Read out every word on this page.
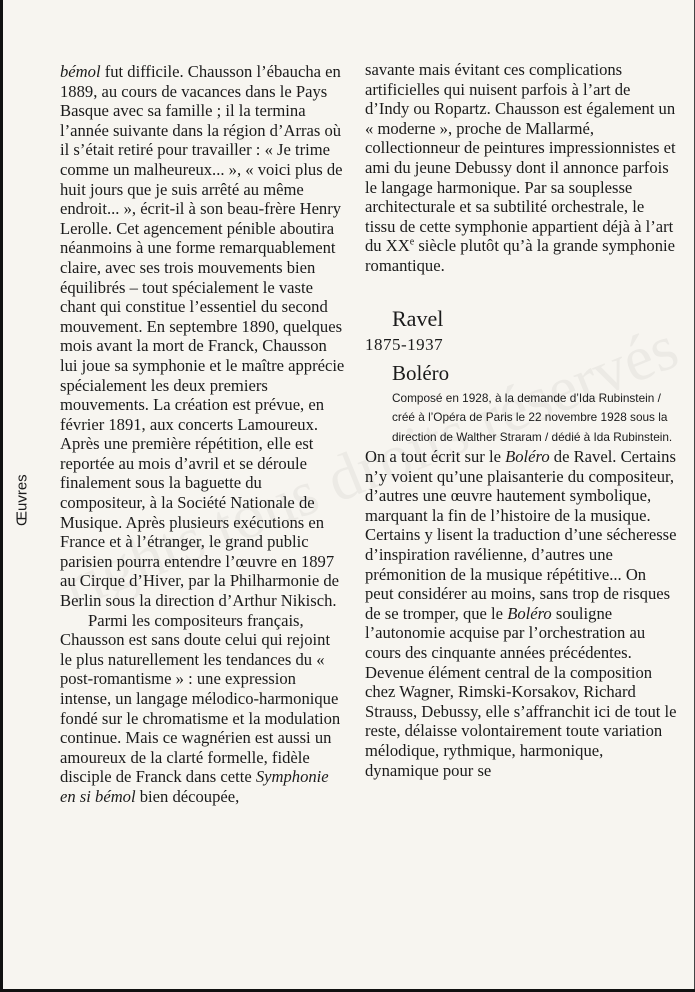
Œuvres

bémol fut difficile. Chausson l’ébaucha en 1889, au cours de vacances dans le Pays Basque avec sa famille ; il la termina l’année suivante dans la région d’Arras où il s’était retiré pour travailler : « Je trime comme un malheureux... », « voici plus de huit jours que je suis arrêté au même endroit... », écrit-il à son beau-frère Henry Lerolle. Cet agencement pénible aboutira néanmoins à une forme remarquablement claire, avec ses trois mouvements bien équilibrés – tout spécialement le vaste chant qui constitue l’essentiel du second mouvement. En septembre 1890, quelques mois avant la mort de Franck, Chausson lui joue sa symphonie et le maître apprécie spécialement les deux premiers mouvements. La création est prévue, en février 1891, aux concerts Lamoureux. Après une première répétition, elle est reportée au mois d’avril et se déroule finalement sous la baguette du compositeur, à la Société Nationale de Musique. Après plusieurs exécutions en France et à l’étranger, le grand public parisien pourra entendre l’œuvre en 1897 au Cirque d’Hiver, par la Philharmonie de Berlin sous la direction d’Arthur Nikisch.

Parmi les compositeurs français, Chausson est sans doute celui qui rejoint le plus naturellement les tendances du « post-romantisme » : une expression intense, un langage mélodico-harmonique fondé sur le chromatisme et la modulation continue. Mais ce wagnérien est aussi un amoureux de la clarté formelle, fidèle disciple de Franck dans cette Symphonie en si bémol bien découpée,

savante mais évitant ces complications artificielles qui nuisent parfois à l’art de d’Indy ou Ropartz. Chausson est également un « moderne », proche de Mallarmé, collectionneur de peintures impressionnistes et ami du jeune Debussy dont il annonce parfois le langage harmonique. Par sa souplesse architecturale et sa subtilité orchestrale, le tissu de cette symphonie appartient déjà à l’art du XXe siècle plutôt qu’à la grande symphonie romantique.

Ravel
1875-1937
Boléro
Composé en 1928, à la demande d’Ida Rubinstein / créé à l’Opéra de Paris le 22 novembre 1928 sous la direction de Walther Straram / dédié à Ida Rubinstein.

On a tout écrit sur le Boléro de Ravel. Certains n’y voient qu’une plaisanterie du compositeur, d’autres une œuvre hautement symbolique, marquant la fin de l’histoire de la musique. Certains y lisent la traduction d’une sécheresse d’inspiration ravélienne, d’autres une prémonition de la musique répétitive... On peut considérer au moins, sans trop de risques de se tromper, que le Boléro souligne l’autonomie acquise par l’orchestration au cours des cinquante années précédentes. Devenue élément central de la composition chez Wagner, Rimski-Korsakov, Richard Strauss, Debussy, elle s’affranchit ici de tout le reste, délaisse volontairement toute variation mélodique, rythmique, harmonique, dynamique pour se
